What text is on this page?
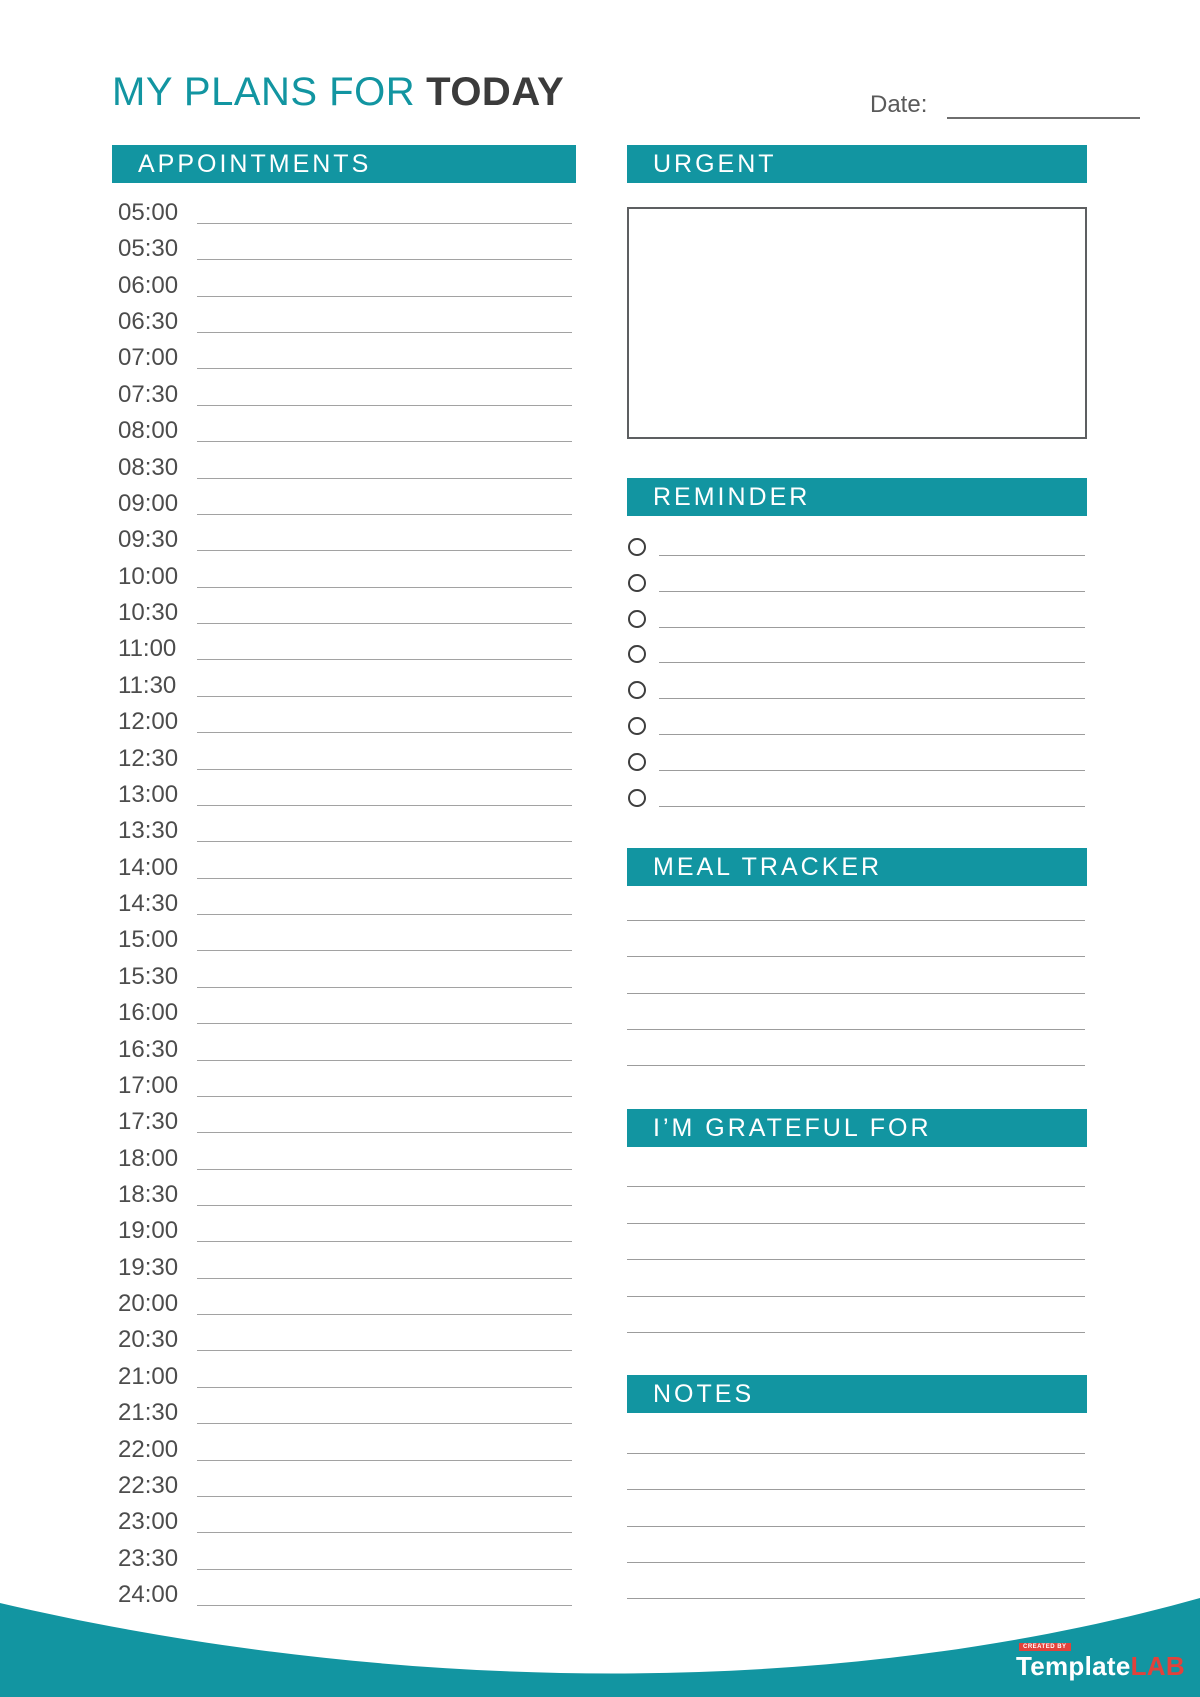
MY PLANS FOR TODAY	Date:
APPOINTMENTS	URGENT
REMINDER
MEAL TRACKER
I’M GRATEFUL FOR
NOTES
CREATED BY
TemplateLAB
05:00
05:30
06:00
06:30
07:00
07:30
08:00
08:30
09:00
09:30
10:00
10:30
11:00
11:30
12:00
12:30
13:00
13:30
14:00
14:30
15:00
15:30
16:00
16:30
17:00
17:30
18:00
18:30
19:00
19:30
20:00
20:30
21:00
21:30
22:00
22:30
23:00
23:30
24:00
